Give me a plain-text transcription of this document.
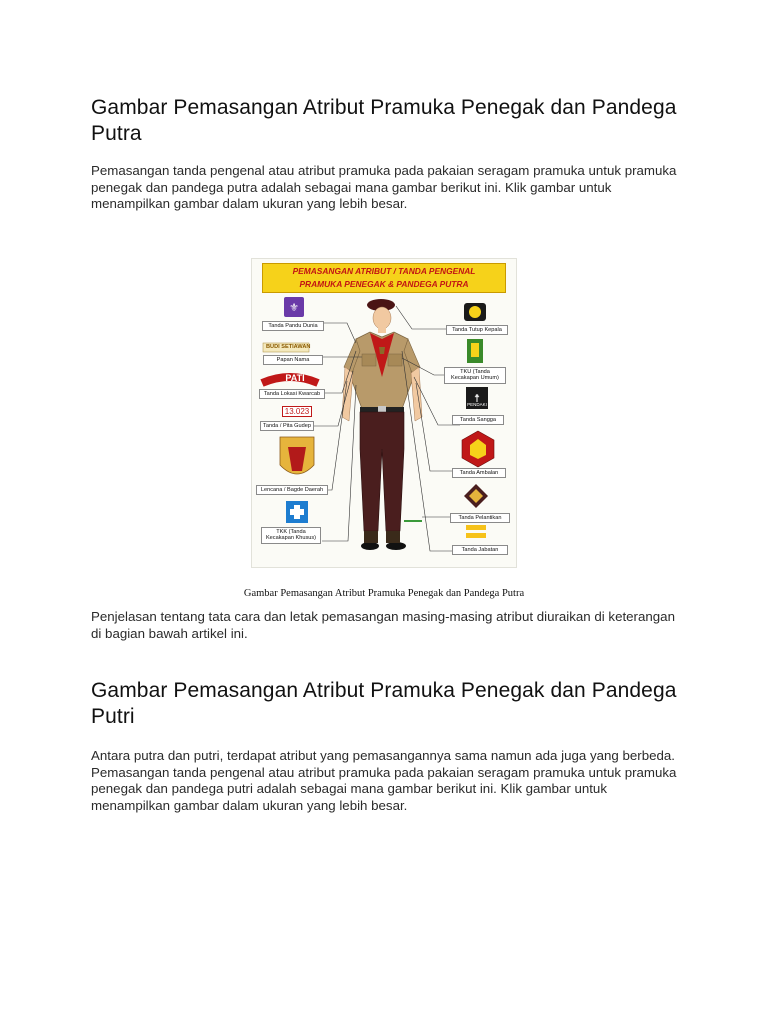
Gambar Pemasangan Atribut Pramuka Penegak dan Pandega Putra

Pemasangan tanda pengenal atau atribut pramuka pada pakaian seragam pramuka untuk pramuka penegak dan pandega putra adalah sebagai mana gambar berikut ini. Klik gambar untuk menampilkan gambar dalam ukuran yang lebih besar.

PEMASANGAN ATRIBUT / TANDA PENGENAL
PRAMUKA PENEGAK & PANDEGA PUTRA
⚜
☨
Tanda Pandu Dunia
BUDI SETIAWAN
Papan Nama
PATI
Tanda Lokasi Kwarcab
13.023
Tanda / Pita Gudep
Lencana / Bagde Daerah
TKK (Tanda Kecakapan Khusus)
Tanda Tutup Kepala
TKU (Tanda Kecakapan Umum)
PENDAKI
Tanda Sangga
Tanda Ambalan
Tanda Pelantikan
Tanda Jabatan
Gambar Pemasangan Atribut Pramuka Penegak dan Pandega Putra

Penjelasan tentang tata cara dan letak pemasangan masing-masing atribut diuraikan di keterangan di bagian bawah artikel ini.

Gambar Pemasangan Atribut Pramuka Penegak dan Pandega Putri

Antara putra dan putri, terdapat atribut yang pemasangannya sama namun ada juga yang berbeda. Pemasangan tanda pengenal atau atribut pramuka pada pakaian seragam pramuka untuk pramuka penegak dan pandega putri adalah sebagai mana gambar berikut ini. Klik gambar untuk menampilkan gambar dalam ukuran yang lebih besar.
